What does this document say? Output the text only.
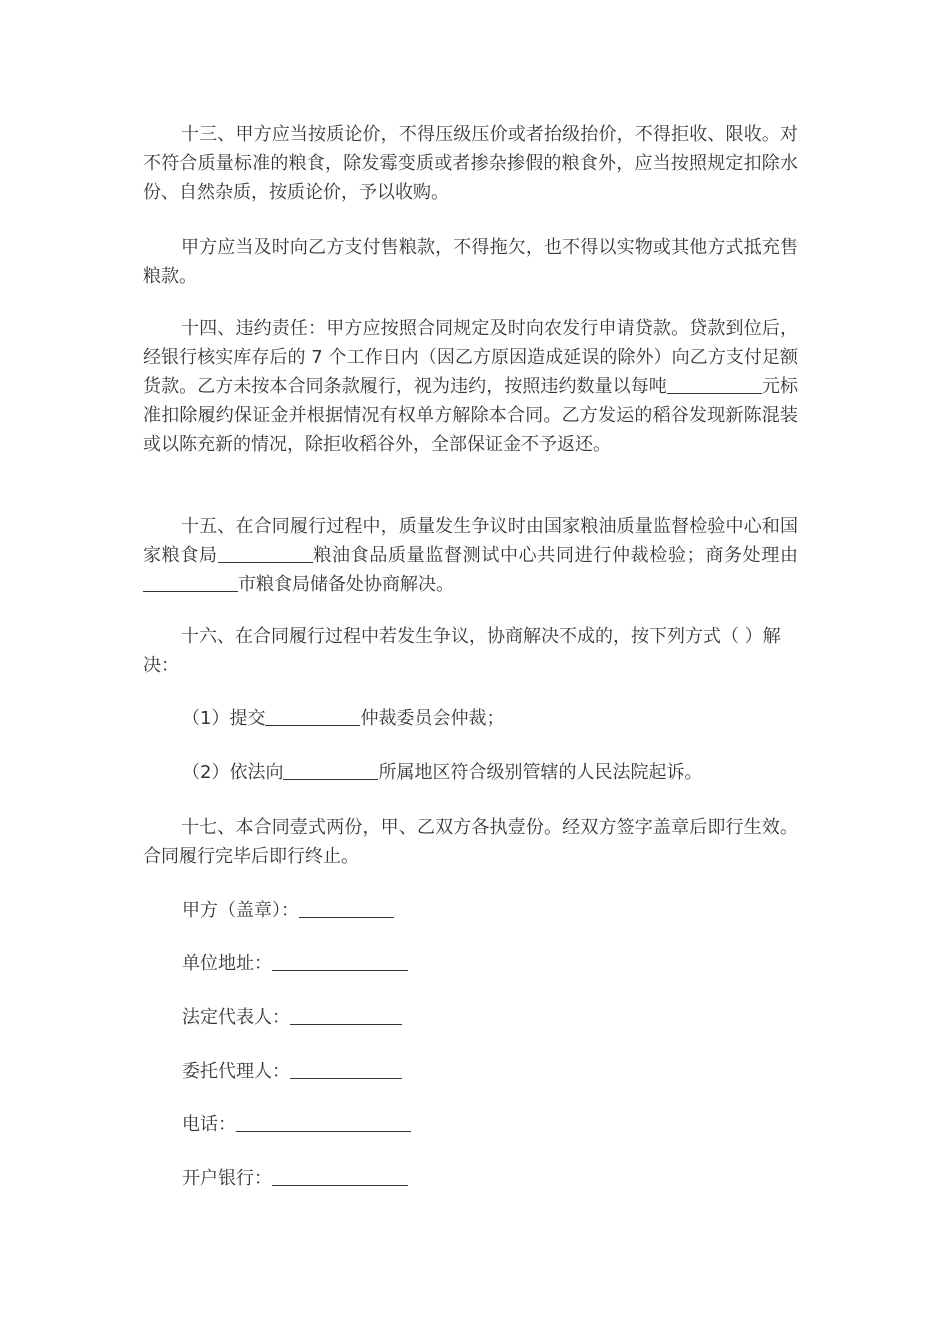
十三、甲方应当按质论价，不得压级压价或者抬级抬价，不得拒收、限收。对不符合质量标准的粮食，除发霉变质或者掺杂掺假的粮食外，应当按照规定扣除水份、自然杂质，按质论价，予以收购。

甲方应当及时向乙方支付售粮款，不得拖欠，也不得以实物或其他方式抵充售粮款。

十四、违约责任：甲方应按照合同规定及时向农发行申请贷款。贷款到位后，经银行核实库存后的 7 个工作日内（因乙方原因造成延误的除外）向乙方支付足额货款。乙方未按本合同条款履行，视为违约，按照违约数量以每吨	元标准扣除履约保证金并根据情况有权单方解除本合同。乙方发运的稻谷发现新陈混装或以陈充新的情况，除拒收稻谷外，全部保证金不予返还。

十五、在合同履行过程中，质量发生争议时由国家粮油质量监督检验中心和国家粮食局	粮油食品质量监督测试中心共同进行仲裁检验；商务处理由市粮食局储备处协商解决。

十六、在合同履行过程中若发生争议，协商解决不成的，按下列方式（ ）解决：

（1）提交	仲裁委员会仲裁；

（2）依法向	所属地区符合级别管辖的人民法院起诉。

十七、本合同壹式两份，甲、乙双方各执壹份。经双方签字盖章后即行生效。合同履行完毕后即行终止。

甲方（盖章）：

单位地址：

法定代表人：

委托代理人：

电话：

开户银行：
